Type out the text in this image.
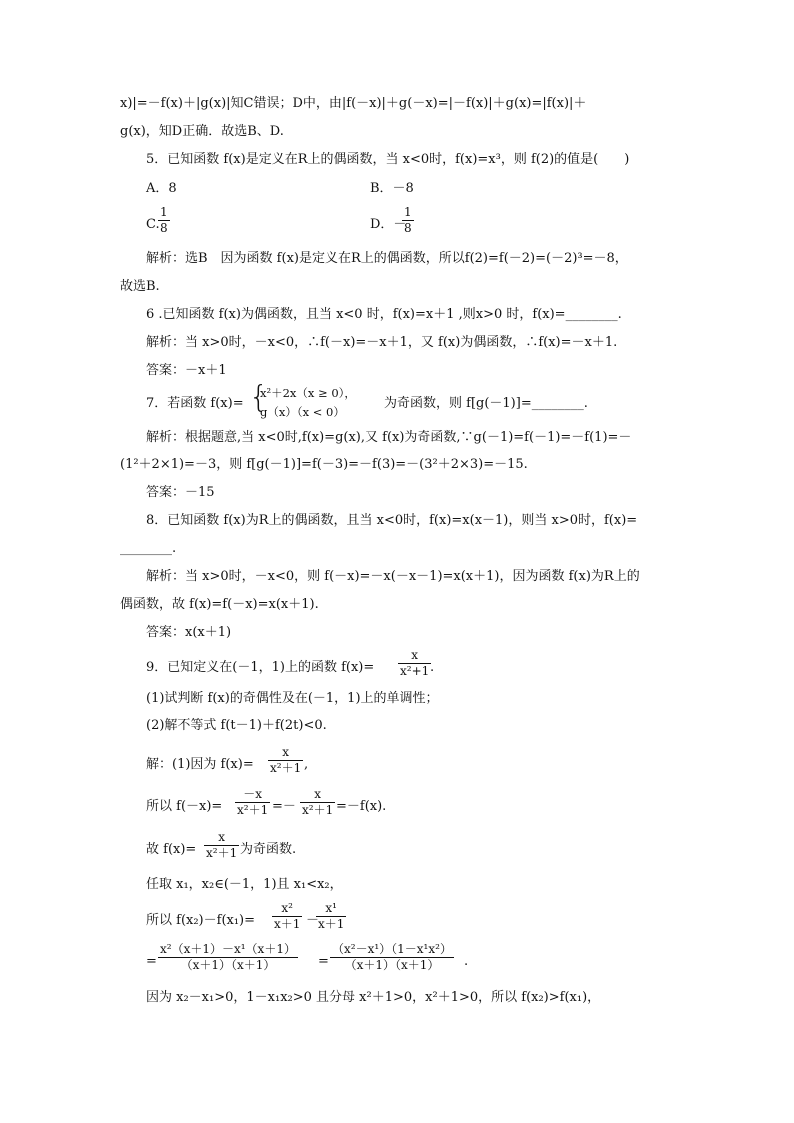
x)|=－f(x)＋|g(x)|知C错误；D中，由|f(－x)|＋g(－x)=|－f(x)|＋g(x)=|f(x)|＋
g(x)，知D正确．故选B、D.
5．已知函数 f(x)是定义在R上的偶函数，当 x<0时，f(x)=x³，则 f(2)的值是(　　)
A．8	B．－8
C.
$\frac{1}{8}$	D．－
$\frac{1}{8}$
解析：选B　因为函数 f(x)是定义在R上的偶函数，所以f(2)=f(－2)=(－2)³=－8，
故选B.
6 .已知函数 f(x)为偶函数，且当 x<0 时，f(x)=x＋1 ,则x>0 时，f(x)=________.
解析：当 x>0时，－x<0，∴f(－x)=－x＋1，又 f(x)为偶函数，∴f(x)=－x＋1.
答案：－x＋1
7．若函数 f(x)= {
x²＋2x（x ≥ 0），
g（x）（x < 0）
为奇函数，则 f[g(－1)]=________.
解析：根据题意,当 x<0时,f(x)=g(x),又 f(x)为奇函数,∵g(－1)=f(－1)=－f(1)=－
(1²＋2×1)=－3，则 f[g(－1)]=f(－3)=－f(3)=－(3²＋2×3)=－15.
答案：－15
8．已知函数 f(x)为R上的偶函数，且当 x<0时，f(x)=x(x－1)，则当 x>0时，f(x)=
________.
解析：当 x>0时，－x<0，则 f(－x)=－x(－x－1)=x(x＋1)，因为函数 f(x)为R上的
偶函数，故 f(x)=f(－x)=x(x＋1).
答案：x(x＋1)
9．已知定义在(－1，1)上的函数 $f(x)= \frac{x}{\text{x²+1}}$
.
(1)试判断 f(x)的奇偶性及在(－1，1)上的单调性；
(2)解不等式 f(t－1)＋f(2t)<0.
解：(1)因为 $f(x)= \frac{x}{\text{x²＋1}}$ ,
所以 $f(-x)= \frac{-x}{\text{x²＋1}} =- \frac{x}{\text{x²＋1}} =-f(x)$.
故 $f(x)= \frac{x}{\text{x²＋1}}$ 为奇函数.
任取 x₁，x₂∈(－1，1)且 x₁<x₂，
所以 $f(x_2)-f(x_1)= \frac{\text{x²}}{x+1}$ －
$\frac{\text{x¹}}{x+1}$
= $\frac{\text{x²（x＋1）－x¹（x＋1）}}{(x+1)(x+1)} = \frac{\text{（x²－x¹）（1－x¹x²）}}{(x+1)(x+1)}$ .
因为 x₂－x₁>0，1－x₁x₂>0 且分母 x²＋1>0，x²＋1>0，所以 f(x₂)>f(x₁)，
